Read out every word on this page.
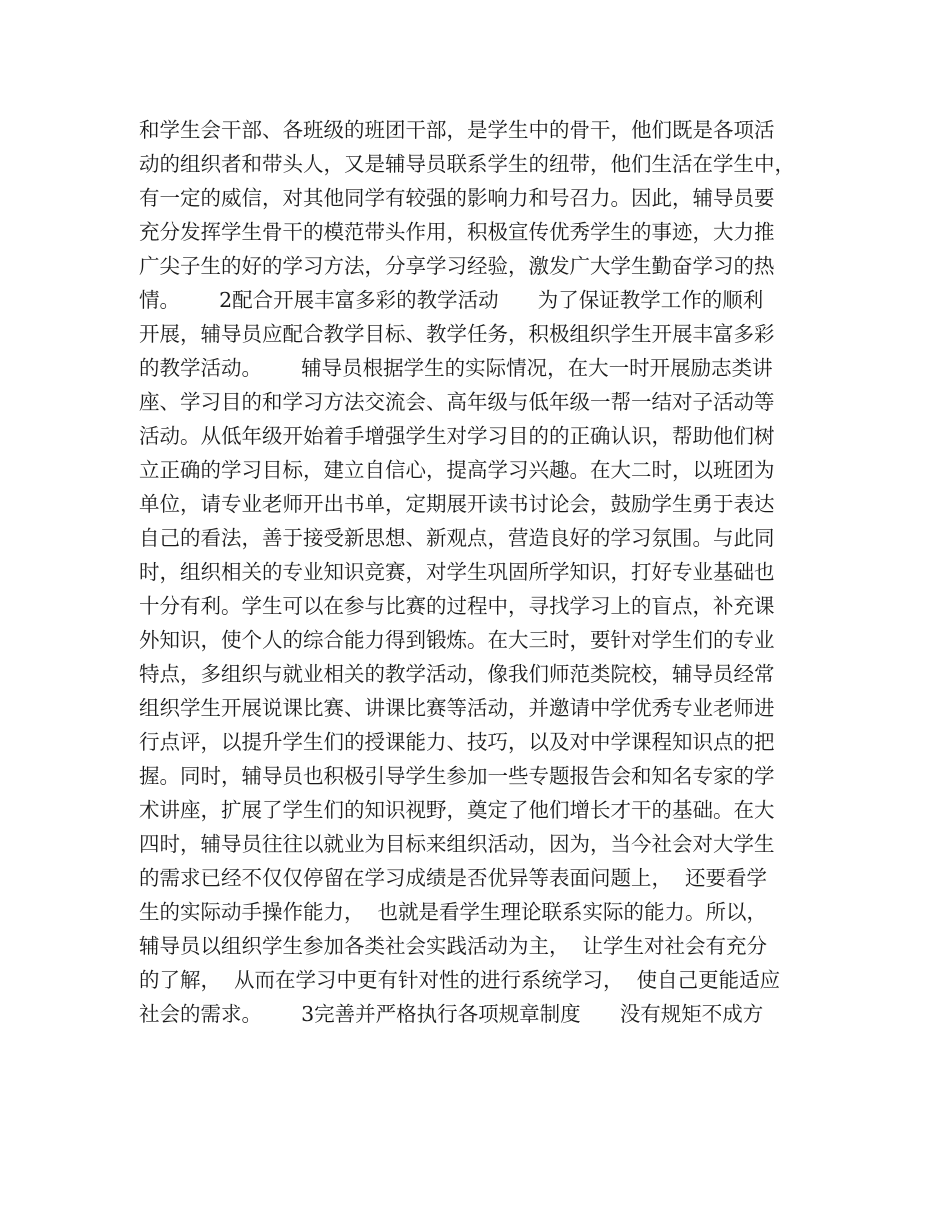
和学生会干部、各班级的班团干部，是学生中的骨干，他们既是各项活
动的组织者和带头人，又是辅导员联系学生的纽带，他们生活在学生中，
有一定的威信，对其他同学有较强的影响力和号召力。因此，辅导员要
充分发挥学生骨干的模范带头作用，积极宣传优秀学生的事迹，大力推
广尖子生的好的学习方法，分享学习经验，激发广大学生勤奋学习的热
情。      2配合开展丰富多彩的教学活动      为了保证教学工作的顺利
开展，辅导员应配合教学目标、教学任务，积极组织学生开展丰富多彩
的教学活动。      辅导员根据学生的实际情况，在大一时开展励志类讲
座、学习目的和学习方法交流会、高年级与低年级一帮一结对子活动等
活动。从低年级开始着手增强学生对学习目的的正确认识，帮助他们树
立正确的学习目标，建立自信心，提高学习兴趣。在大二时，以班团为
单位，请专业老师开出书单，定期展开读书讨论会，鼓励学生勇于表达
自己的看法，善于接受新思想、新观点，营造良好的学习氛围。与此同
时，组织相关的专业知识竞赛，对学生巩固所学知识，打好专业基础也
十分有利。学生可以在参与比赛的过程中，寻找学习上的盲点，补充课
外知识，使个人的综合能力得到锻炼。在大三时，要针对学生们的专业
特点，多组织与就业相关的教学活动，像我们师范类院校，辅导员经常
组织学生开展说课比赛、讲课比赛等活动，并邀请中学优秀专业老师进
行点评，以提升学生们的授课能力、技巧，以及对中学课程知识点的把
握。同时，辅导员也积极引导学生参加一些专题报告会和知名专家的学
术讲座，扩展了学生们的知识视野，奠定了他们增长才干的基础。在大
四时，辅导员往往以就业为目标来组织活动，因为，当今社会对大学生
的需求已经不仅仅停留在学习成绩是否优异等表面问题上，  还要看学
生的实际动手操作能力，  也就是看学生理论联系实际的能力。所以，
辅导员以组织学生参加各类社会实践活动为主，  让学生对社会有充分
的了解，  从而在学习中更有针对性的进行系统学习，  使自己更能适应
社会的需求。      3完善并严格执行各项规章制度      没有规矩不成方
